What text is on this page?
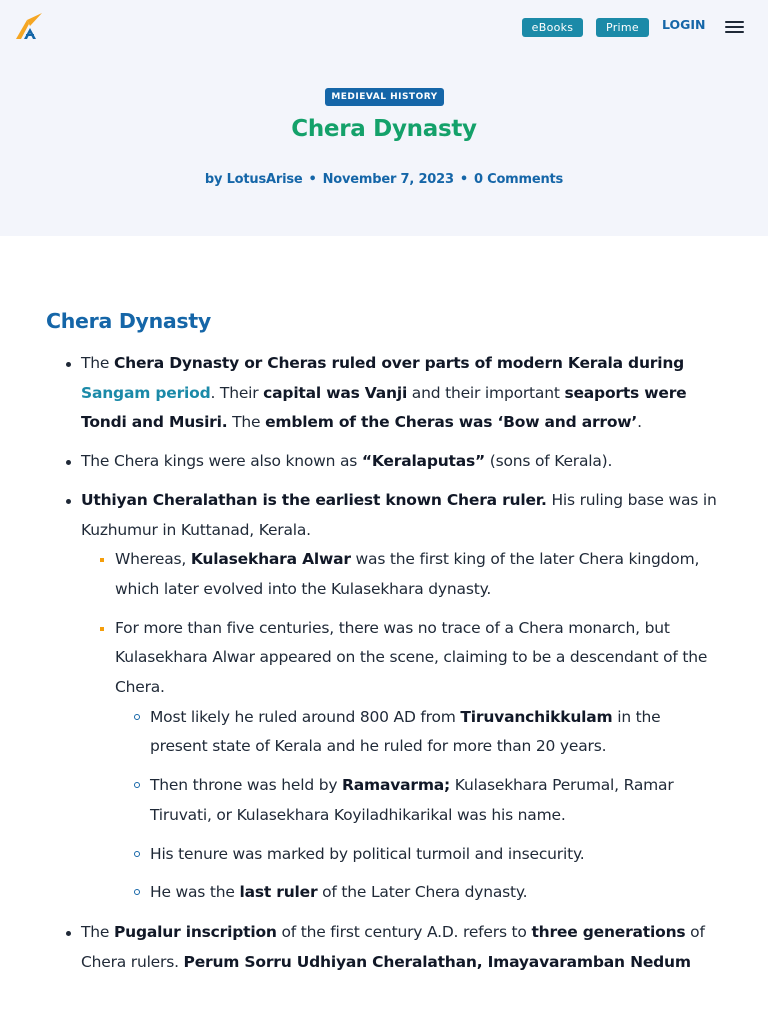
eBooks	Prime	LOGIN
MEDIEVAL HISTORY
Chera Dynasty
by LotusArise • November 7, 2023 • 0 Comments
Chera Dynasty
The Chera Dynasty or Cheras ruled over parts of modern Kerala during Sangam period. Their capital was Vanji and their important seaports were Tondi and Musiri. The emblem of the Cheras was ‘Bow and arrow’.
The Chera kings were also known as “Keralaputas” (sons of Kerala).
Uthiyan Cheralathan is the earliest known Chera ruler. His ruling base was in Kuzhumur in Kuttanad, Kerala.
Whereas, Kulasekhara Alwar was the first king of the later Chera kingdom, which later evolved into the Kulasekhara dynasty.
For more than five centuries, there was no trace of a Chera monarch, but Kulasekhara Alwar appeared on the scene, claiming to be a descendant of the Chera.
Most likely he ruled around 800 AD from Tiruvanchikkulam in the present state of Kerala and he ruled for more than 20 years.
Then throne was held by Ramavarma; Kulasekhara Perumal, Ramar Tiruvati, or Kulasekhara Koyiladhikarikal was his name.
His tenure was marked by political turmoil and insecurity.
He was the last ruler of the Later Chera dynasty.
The Pugalur inscription of the first century A.D. refers to three generations of Chera rulers. Perum Sorru Udhiyan Cheralathan, Imayavaramban Nedum
